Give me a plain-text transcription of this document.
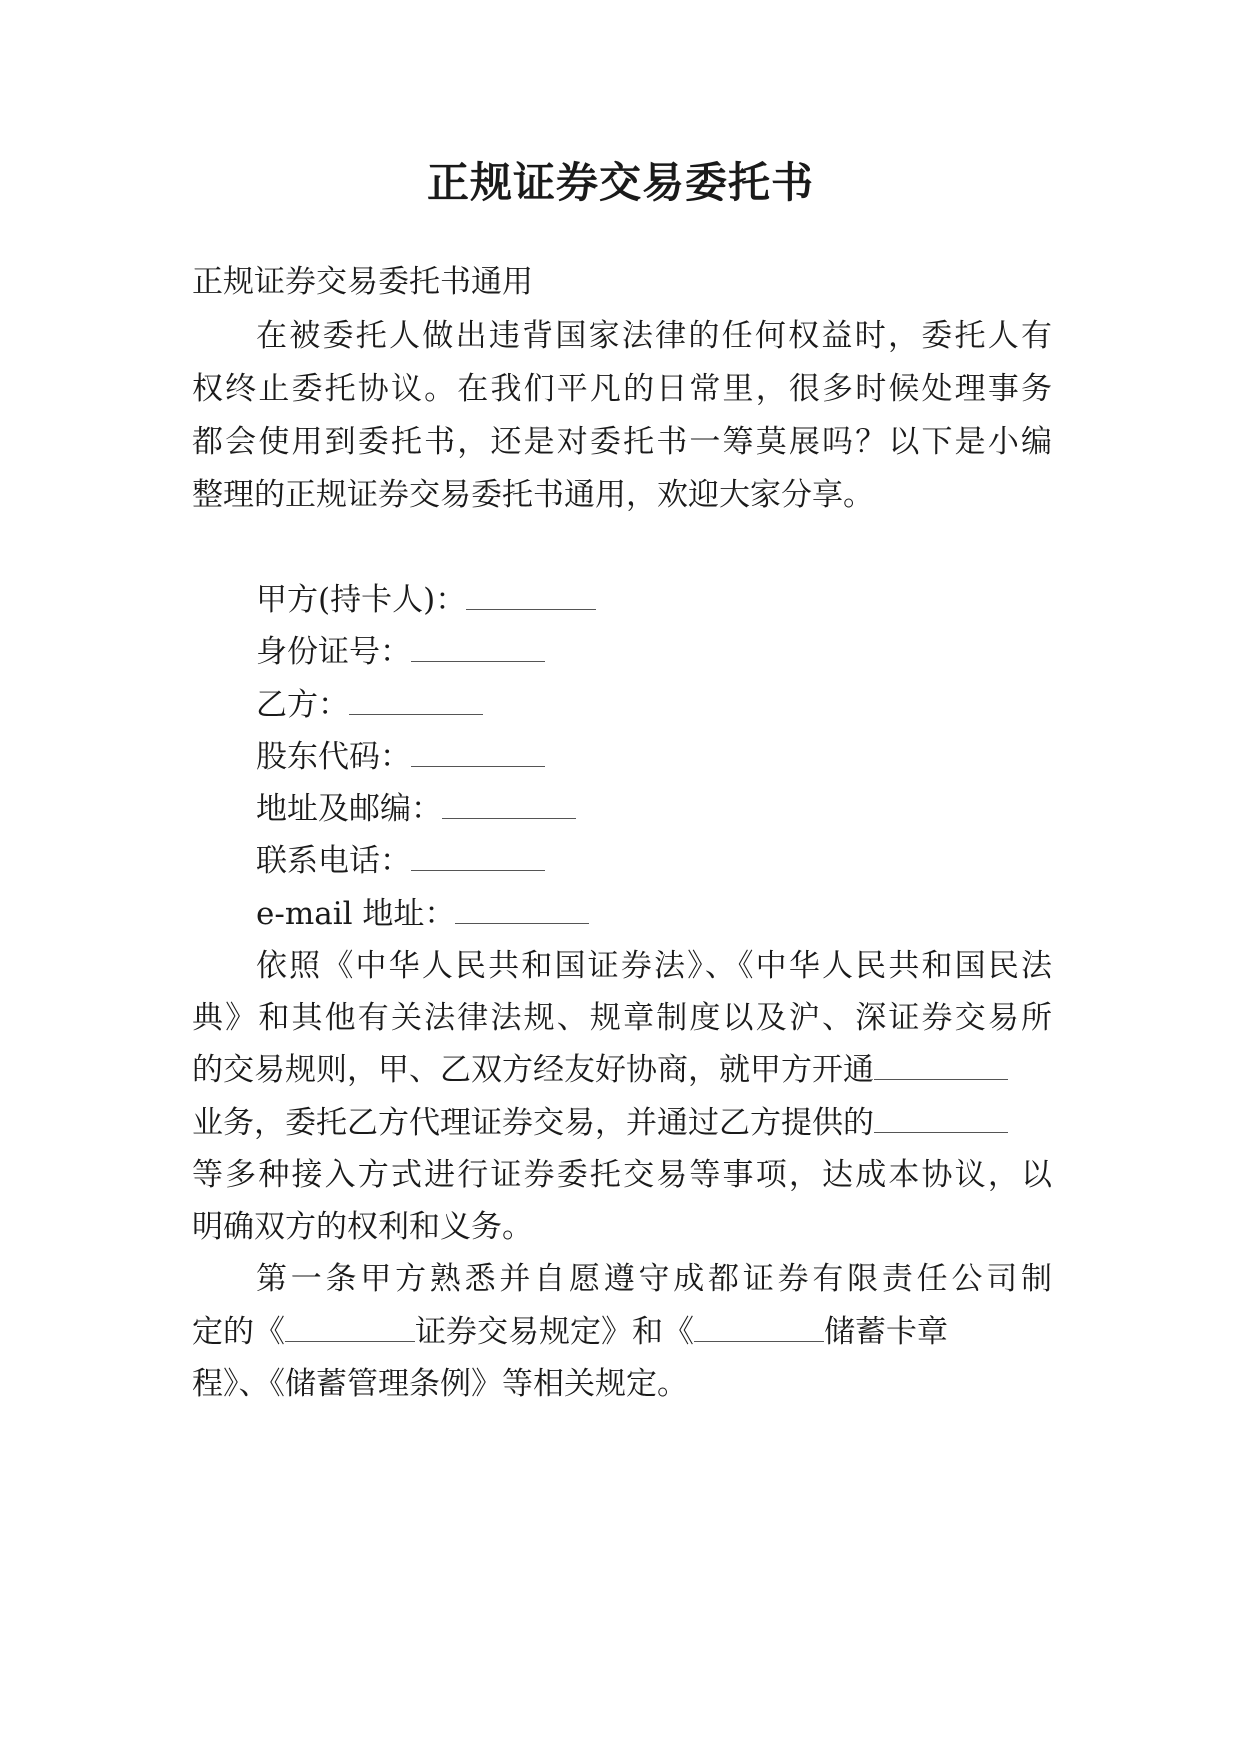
正规证券交易委托书
正规证券交易委托书通用
在被委托人做出违背国家法律的任何权益时，委托人有
权终止委托协议。在我们平凡的日常里，很多时候处理事务
都会使用到委托书，还是对委托书一筹莫展吗？以下是小编
整理的正规证券交易委托书通用，欢迎大家分享。
甲方(持卡人)：
身份证号：
乙方：
股东代码：
地址及邮编：
联系电话：
e-mail 地址：
依照《中华人民共和国证券法》、《中华人民共和国民法
典》和其他有关法律法规、规章制度以及沪、深证券交易所
的交易规则，甲、乙双方经友好协商，就甲方开通
业务，委托乙方代理证券交易，并通过乙方提供的
等多种接入方式进行证券委托交易等事项，达成本协议，以
明确双方的权利和义务。
第一条甲方熟悉并自愿遵守成都证券有限责任公司制
定的《	证券交易规定》和《	储蓄卡章
程》、《储蓄管理条例》等相关规定。
